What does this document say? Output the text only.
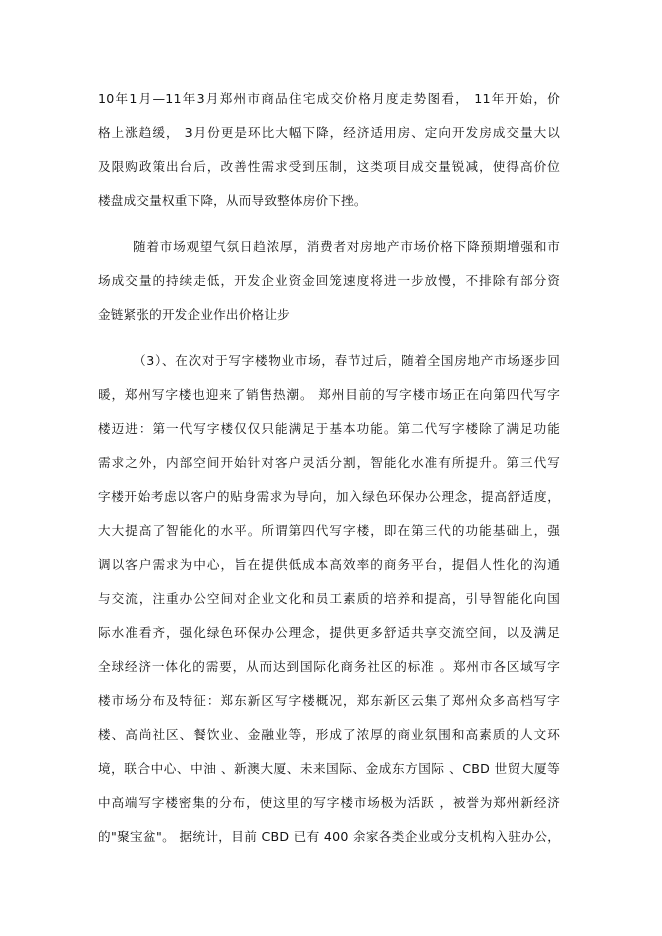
10年1月—11年3月郑州市商品住宅成交价格月度走势图看， 11年开始，价
格上涨趋缓， 3月份更是环比大幅下降，经济适用房、定向开发房成交量大以
及限购政策出台后，改善性需求受到压制，这类项目成交量锐减，使得高价位
楼盘成交量权重下降，从而导致整体房价下挫。
随着市场观望气氛日趋浓厚，消费者对房地产市场价格下降预期增强和市
场成交量的持续走低，开发企业资金回笼速度将进一步放慢，不排除有部分资
金链紧张的开发企业作出价格让步
（3）、在次对于写字楼物业市场，春节过后，随着全国房地产市场逐步回
暖，郑州写字楼也迎来了销售热潮。 郑州目前的写字楼市场正在向第四代写字
楼迈进：第一代写字楼仅仅只能满足于基本功能。第二代写字楼除了满足功能
需求之外，内部空间开始针对客户灵活分割，智能化水准有所提升。第三代写
字楼开始考虑以客户的贴身需求为导向，加入绿色环保办公理念，提高舒适度，
大大提高了智能化的水平。所谓第四代写字楼，即在第三代的功能基础上，强
调以客户需求为中心，旨在提供低成本高效率的商务平台，提倡人性化的沟通
与交流，注重办公空间对企业文化和员工素质的培养和提高，引导智能化向国
际水准看齐，强化绿色环保办公理念，提供更多舒适共享交流空间，以及满足
全球经济一体化的需要，从而达到国际化商务社区的标准 。郑州市各区域写字
楼市场分布及特征：郑东新区写字楼概况，郑东新区云集了郑州众多高档写字
楼、高尚社区、餐饮业、金融业等，形成了浓厚的商业氛围和高素质的人文环
境，联合中心、中油 、新澳大厦、未来国际、金成东方国际 、CBD 世贸大厦等
中高端写字楼密集的分布，使这里的写字楼市场极为活跃 ，被誉为郑州新经济
的"聚宝盆"。 据统计，目前 CBD 已有 400 余家各类企业或分支机构入驻办公，
